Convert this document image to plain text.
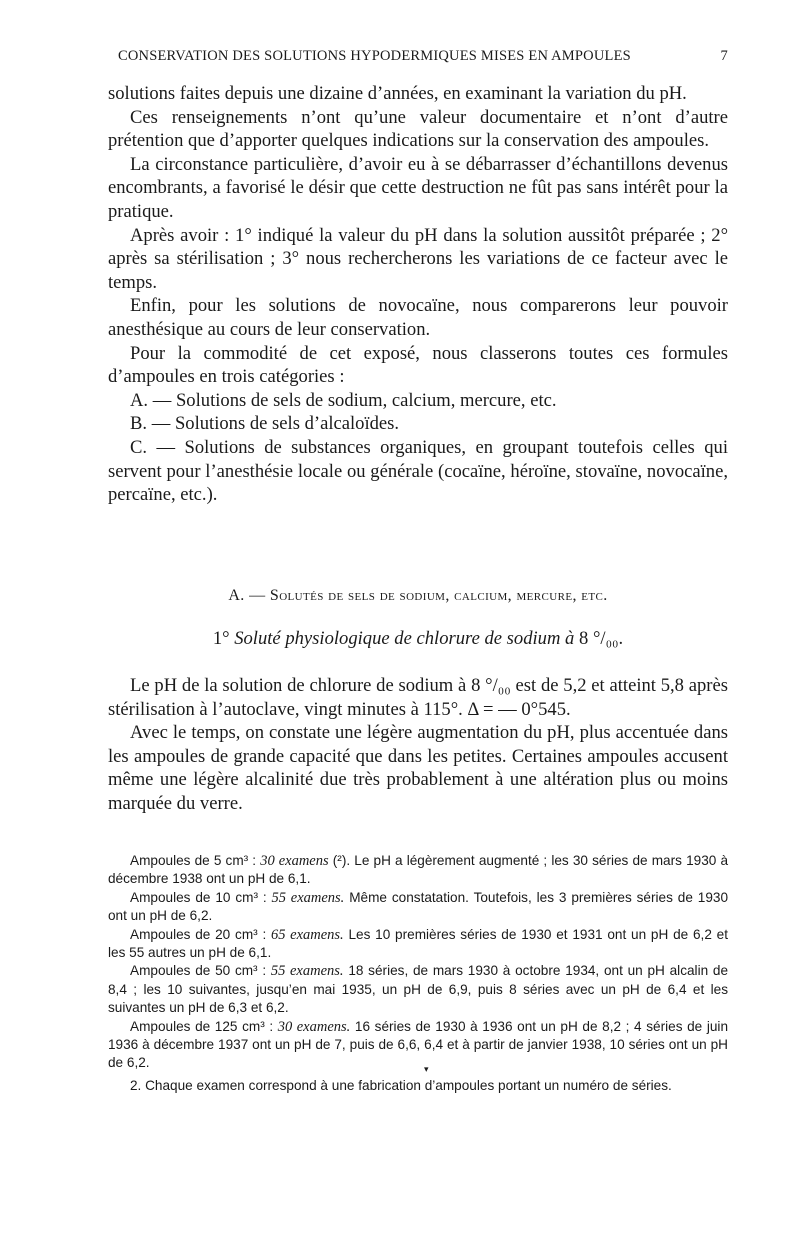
CONSERVATION DES SOLUTIONS HYPODERMIQUES MISES EN AMPOULES	7

solutions faites depuis une dizaine d’années, en examinant la variation du pH.

Ces renseignements n’ont qu’une valeur documentaire et n’ont d’autre prétention que d’apporter quelques indications sur la conservation des ampoules.

La circonstance particulière, d’avoir eu à se débarrasser d’échantillons devenus encombrants, a favorisé le désir que cette destruction ne fût pas sans intérêt pour la pratique.

Après avoir : 1° indiqué la valeur du pH dans la solution aussitôt préparée ; 2° après sa stérilisation ; 3° nous rechercherons les variations de ce facteur avec le temps.

Enfin, pour les solutions de novocaïne, nous comparerons leur pouvoir anesthésique au cours de leur conservation.

Pour la commodité de cet exposé, nous classerons toutes ces formules d’ampoules en trois catégories :

A. — Solutions de sels de sodium, calcium, mercure, etc.

B. — Solutions de sels d’alcaloïdes.

C. — Solutions de substances organiques, en groupant toutefois celles qui servent pour l’anesthésie locale ou générale (cocaïne, héroïne, stovaïne, novocaïne, percaïne, etc.).

A. — Solutés de sels de sodium, calcium, mercure, etc.
1° Soluté physiologique de chlorure de sodium à 8 °/₀₀.

Le pH de la solution de chlorure de sodium à 8 °/₀₀ est de 5,2 et atteint 5,8 après stérilisation à l’autoclave, vingt minutes à 115°. Δ = — 0°545.

Avec le temps, on constate une légère augmentation du pH, plus accentuée dans les ampoules de grande capacité que dans les petites. Certaines ampoules accusent même une légère alcalinité due très probablement à une altération plus ou moins marquée du verre.

Ampoules de 5 cm³ : 30 examens (²). Le pH a légèrement augmenté ; les 30 séries de mars 1930 à décembre 1938 ont un pH de 6,1.

Ampoules de 10 cm³ : 55 examens. Même constatation. Toutefois, les 3 premières séries de 1930 ont un pH de 6,2.

Ampoules de 20 cm³ : 65 examens. Les 10 premières séries de 1930 et 1931 ont un pH de 6,2 et les 55 autres un pH de 6,1.

Ampoules de 50 cm³ : 55 examens. 18 séries, de mars 1930 à octobre 1934, ont un pH alcalin de 8,4 ; les 10 suivantes, jusqu’en mai 1935, un pH de 6,9, puis 8 séries avec un pH de 6,4 et les suivantes un pH de 6,3 et 6,2.

Ampoules de 125 cm³ : 30 examens. 16 séries de 1930 à 1936 ont un pH de 8,2 ; 4 séries de juin 1936 à décembre 1937 ont un pH de 7, puis de 6,6, 6,4 et à partir de janvier 1938, 10 séries ont un pH de 6,2.	▾

2. Chaque examen correspond à une fabrication d’ampoules portant un numéro de séries.
